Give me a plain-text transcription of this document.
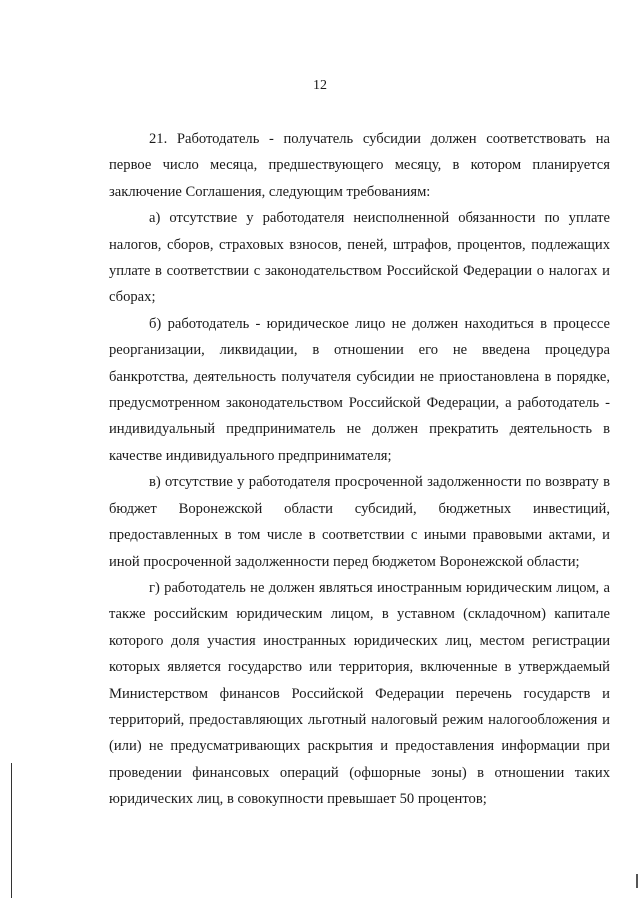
12

21. Работодатель - получатель субсидии должен соответствовать на первое число месяца, предшествующего месяцу, в котором планируется заключение Соглашения, следующим требованиям:

а) отсутствие у работодателя неисполненной обязанности по уплате налогов, сборов, страховых взносов, пеней, штрафов, процентов, подлежащих уплате в соответствии с законодательством Российской Федерации о налогах и сборах;

б) работодатель - юридическое лицо не должен находиться в процессе реорганизации, ликвидации, в отношении его не введена процедура банкротства, деятельность получателя субсидии не приостановлена в порядке, предусмотренном законодательством Российской Федерации, а работодатель - индивидуальный предприниматель не должен прекратить деятельность в качестве индивидуального предпринимателя;

в) отсутствие у работодателя просроченной задолженности по возврату в бюджет Воронежской области субсидий, бюджетных инвестиций, предоставленных в том числе в соответствии с иными правовыми актами, и иной просроченной задолженности перед бюджетом Воронежской области;

г) работодатель не должен являться иностранным юридическим лицом, а также российским юридическим лицом, в уставном (складочном) капитале которого доля участия иностранных юридических лиц, местом регистрации которых является государство или территория, включенные в утверждаемый Министерством финансов Российской Федерации перечень государств и территорий, предоставляющих льготный налоговый режим налогообложения и (или) не предусматривающих раскрытия и предоставления информации при проведении финансовых операций (офшорные зоны) в отношении таких юридических лиц, в совокупности превышает 50 процентов;
